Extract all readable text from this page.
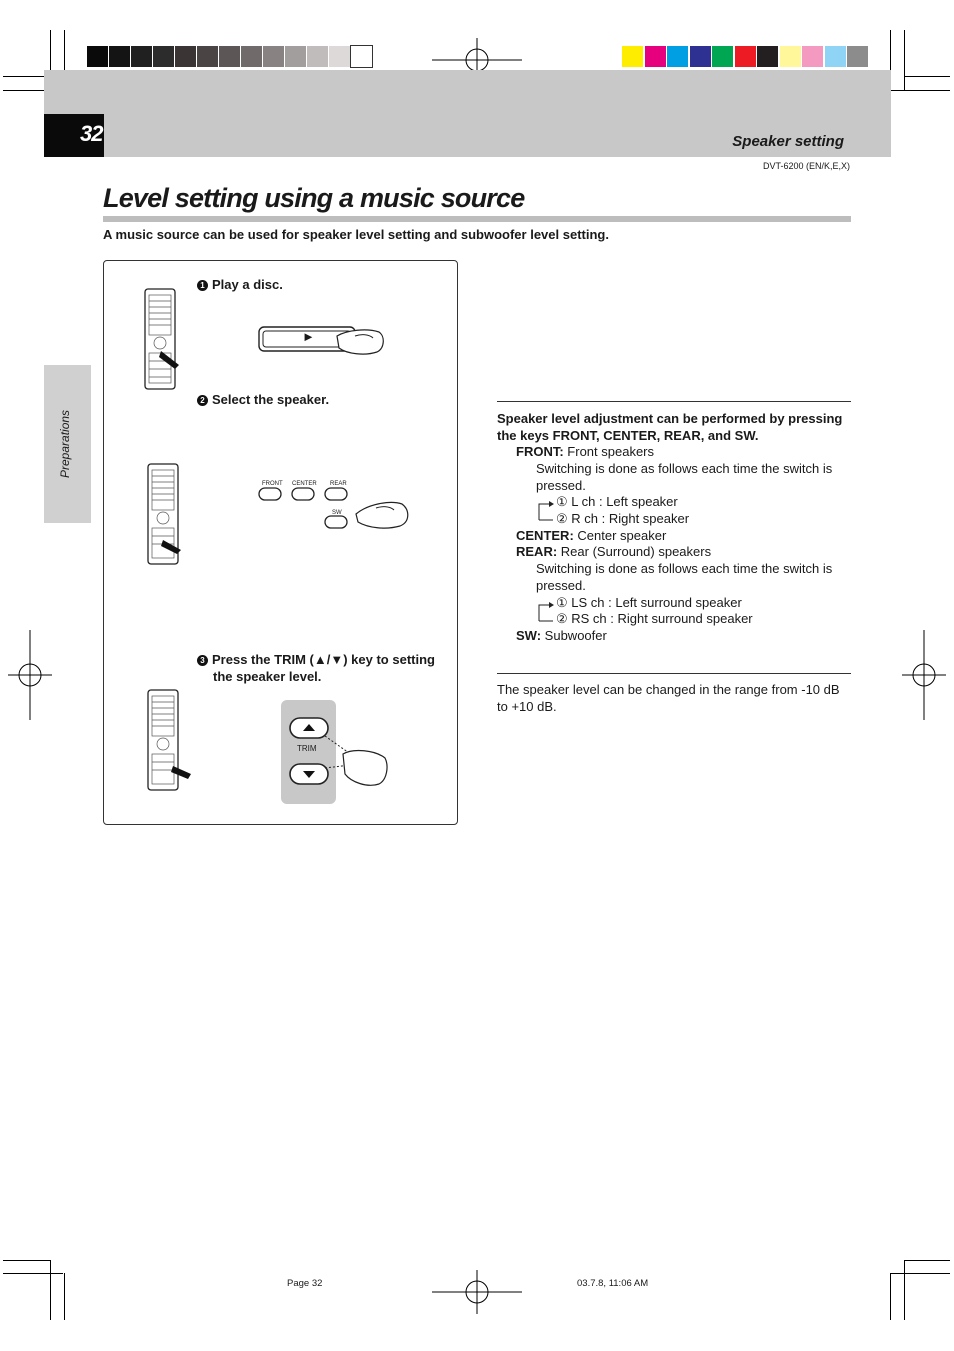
32	Speaker setting
DVT-6200 (EN/K,E,X)
Level setting using a music source
A music source can be used for speaker level setting and subwoofer level setting.
Preparations
1 Play a disc.
2 Select the speaker.
3 Press the TRIM (▲/▼) key to setting
the speaker level.
►
FRONT CENTER REAR
SW
TRIM
Speaker level adjustment can be performed by pressing the keys FRONT, CENTER, REAR, and SW.
FRONT: Front speakers
Switching is done as follows each time the switch is pressed.
① L ch : Left speaker
② R ch : Right speaker
CENTER: Center speaker
REAR: Rear (Surround) speakers
Switching is done as follows each time the switch is pressed.
① LS ch : Left surround speaker
② RS ch : Right surround speaker
SW: Subwoofer
The speaker level can be changed in the range from -10 dB to +10 dB.
Page 32	03.7.8, 11:06 AM
